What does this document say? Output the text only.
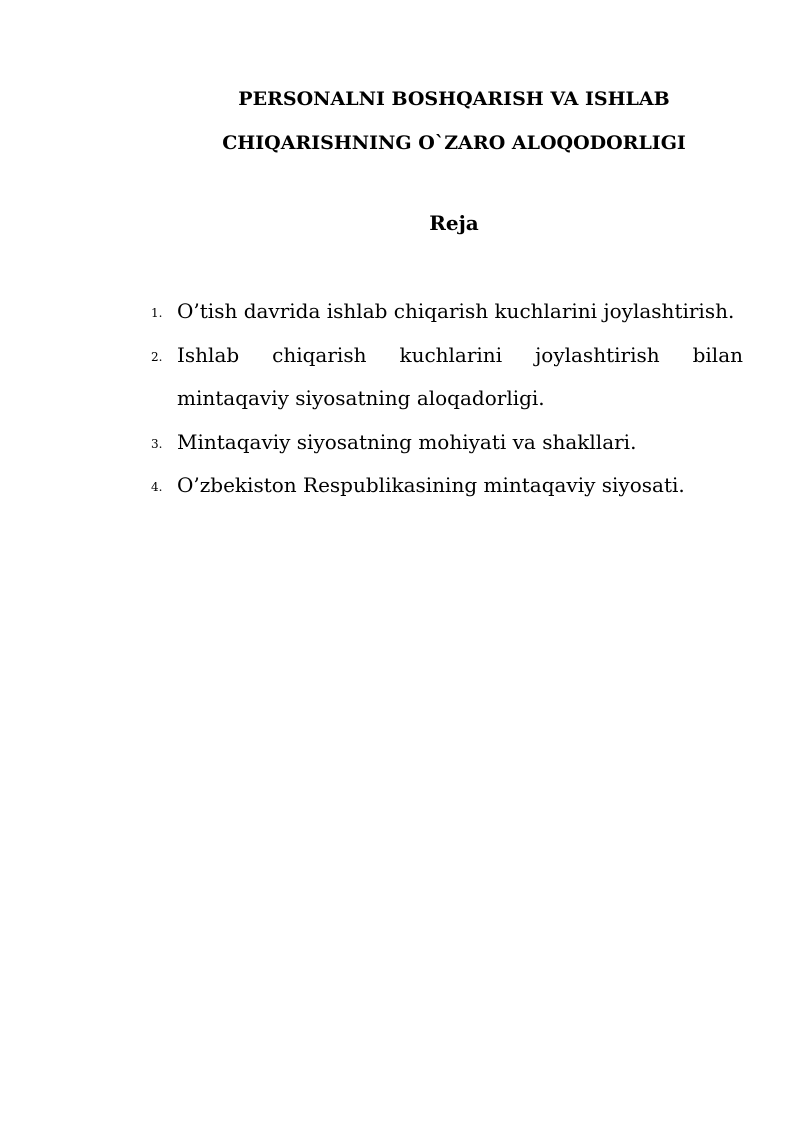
PERSONALNI BOSHQARISH VA ISHLAB

CHIQARISHNING O`ZARO ALOQODORLIGI

Reja

1. O’tish davrida ishlab chiqarish kuchlarini joylashtirish.
2. Ishlab chiqarish kuchlarini joylashtirish bilan mintaqaviy siyosatning aloqadorligi.
3. Mintaqaviy siyosatning mohiyati va shakllari.
4. O’zbekiston Respublikasining mintaqaviy siyosati.
